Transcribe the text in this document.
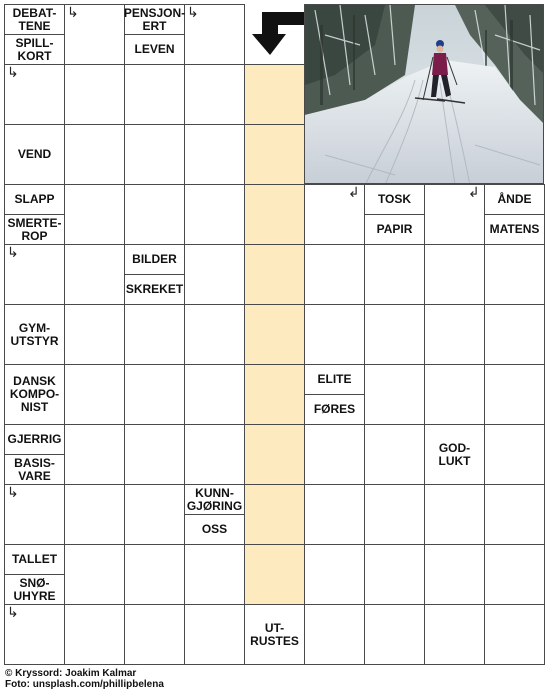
DEBAT-
TENE
SPILL-
KORT
PENSJON-
ERT
LEVEN
VEND
SLAPP
SMERTE-
ROP
TOSK
PAPIR
ÅNDE
MATENS
BILDER
SKREKET
GYM-
UTSTYR
DANSK
KOMPO-
NIST
ELITE
FØRES
GJERRIG
BASIS-
VARE
GOD-
LUKT
KUNN-
GJØRING
OSS
TALLET
SNØ-
UHYRE
UT-
RUSTES
↳	↳
↳
↲	↲
↳
↳
↳
© Kryssord: Joakim Kalmar
Foto: unsplash.com/phillipbelena
